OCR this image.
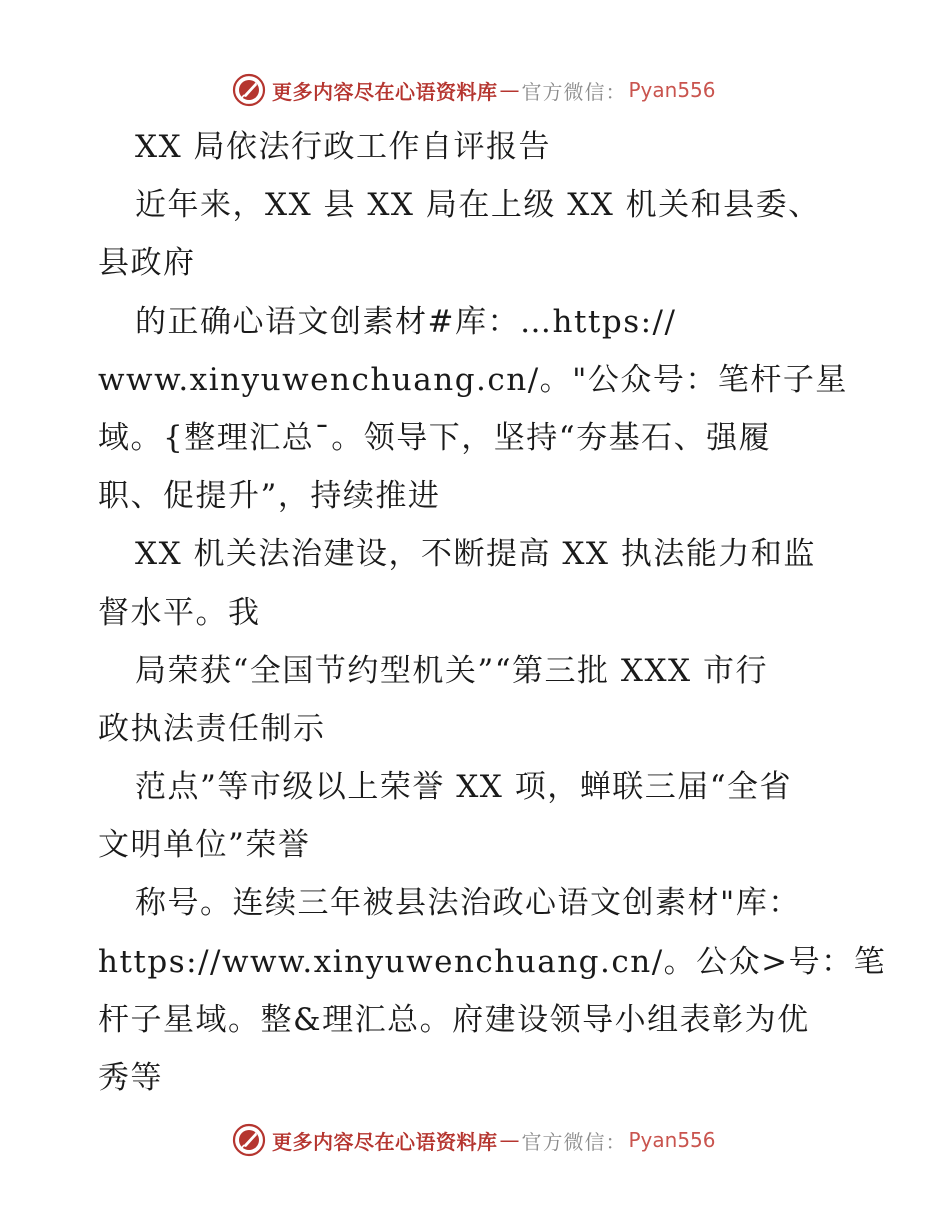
更多内容尽在心语资料库 — 官方微信： Pyan556
XX 局依法行政工作自评报告
近年来，XX 县 XX 局在上级 XX 机关和县委、
县政府
的正确心语文创素材#库：…https://
www.xinyuwenchuang.cn/。"公众号：笔杆子星
域。{整理汇总¯。领导下，坚持“夯基石、强履
职、促提升”，持续推进
XX 机关法治建设，不断提高 XX 执法能力和监
督水平。我
局荣获“全国节约型机关”“第三批 XXX 市行
政执法责任制示
范点”等市级以上荣誉 XX 项，蝉联三届“全省
文明单位”荣誉
称号。连续三年被县法治政心语文创素材"库：
https://www.xinyuwenchuang.cn/。公众>号：笔
杆子星域。整&理汇总。府建设领导小组表彰为优
秀等
更多内容尽在心语资料库 — 官方微信： Pyan556
